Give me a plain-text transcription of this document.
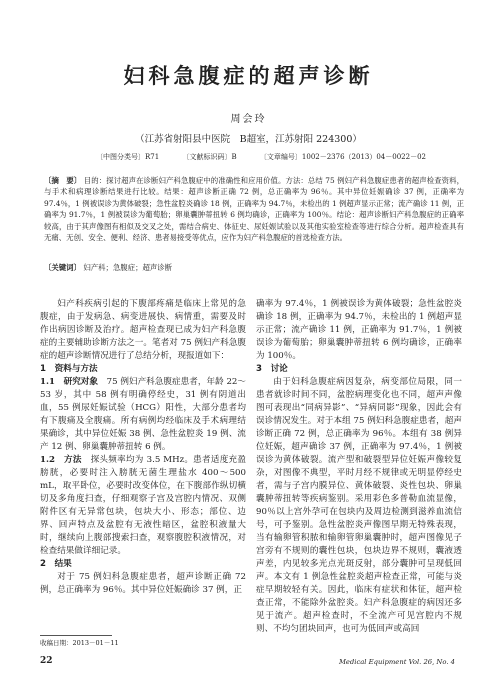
妇科急腹症的超声诊断
周会玲
（江苏省射阳县中医院　B超室，江苏射阳 224300）
〔中图分类号〕R71	〔文献标识码〕B	〔文章编号〕1002－2376（2013）04－0022－02
〔摘　要〕 目的：探讨超声在诊断妇产科急腹症中的准确性和应用价值。方法：总结 75 例妇产科急腹症患者的超声检查资料，与手术和病理诊断结果进行比较。结果：超声诊断正确 72 例，总正确率为 96％。其中异位妊娠确诊 37 例，正确率为 97.4％，1 例被误诊为黄体破裂；急性盆腔炎确诊 18 例，正确率为 94.7％，未检出的 1 例超声显示正常；流产确诊 11 例，正确率为 91.7％，1 例被误诊为葡萄胎；卵巢囊肿蒂扭转 6 例均确诊，正确率为 100％。结论：超声诊断妇产科急腹症的正确率较高，由于其声像图有相似及交叉之处，需结合病史、体征史、尿妊娠试验以及其他实验室检查等进行综合分析。超声检查具有无痛、无创、安全、便利、经济、患者易接受等优点，应作为妇产科急腹症的首选检查方法。
〔关键词〕 妇产科；急腹症；超声诊断

妇产科疾病引起的下腹部疼痛是临床上常见的急腹症，由于发病急、病变进展快、病情重，需要及时作出病因诊断及治疗。超声检查现已成为妇产科急腹症的主要辅助诊断方法之一。笔者对 75 例妇产科急腹症的超声诊断情况进行了总结分析，现报道如下：

1　资料与方法

1.1　研究对象　75 例妇产科急腹症患者，年龄 22～53 岁，其中 58 例有明确停经史，31 例有阴道出血，55 例尿妊娠试验（HCG）阳性，大部分患者均有下腹痛及全腹痛。所有病例均经临床及手术病理结果确诊，其中异位妊娠 38 例、急性盆腔炎 19 例、流产 12 例、卵巢囊肿蒂扭转 6 例。

1.2　方法　探头频率均为 3.5 MHz。患者适度充盈膀胱，必要时注入膀胱无菌生理盐水 400～500 mL，取平卧位，必要时改变体位，在下腹部作纵切横切及多角度扫查，仔细观察子宫及宫腔内情况、双侧附件区有无异常包块，包块大小、形态；部位、边界、回声特点及盆腔有无液性暗区，盆腔积液量大时，继续向上腹部搜索扫查，观察腹腔积液情况，对检查结果做详细记录。

2　结果

对于 75 例妇科急腹症患者，超声诊断正确 72 例，总正确率为 96％。其中异位妊娠确诊 37 例，正

确率为 97.4％，1 例被误诊为黄体破裂；急性盆腔炎确诊 18 例，正确率为 94.7％，未检出的 1 例超声显示正常；流产确诊 11 例，正确率为 91.7％，1 例被误诊为葡萄胎；卵巢囊肿蒂扭转 6 例均确诊，正确率为 100％。

3　讨论

由于妇科急腹症病因复杂，病变部位局限，同一患者就诊时间不同，盆腔病理变化也不同，超声声像图可表现出“同病异影”、“异病同影”现象，因此会有误诊情况发生。对于本组 75 例妇科急腹症患者，超声诊断正确 72 例，总正确率为 96％。本组有 38 例异位妊娠，超声确诊 37 例，正确率为 97.4％，1 例被误诊为黄体破裂。流产型和破裂型异位妊娠声像较复杂，对图像不典型，平时月经不规律或无明显停经史者，需与子宫内膜异位、黄体破裂、炎性包块、卵巢囊肿蒂扭转等疾病鉴别。采用彩色多普勒血流显像，90％以上宫外孕可在包块内及周边检测到滋养血流信号，可予鉴别。急性盆腔炎声像图早期无特殊表现，当有输卵管积脓和输卵管卵巢囊肿时，超声图像见子宫旁有不规则的囊性包块，包块边界不规则，囊液透声差，内见较多光点光斑反射，部分囊肿可呈现低回声。本文有 1 例急性盆腔炎超声检查正常，可能与炎症早期较轻有关。因此，临床有症状和体征，超声检查正常，不能除外盆腔炎。妇产科急腹症的病因还多见于流产。超声检查时，不全流产可见宫腔内不规则、不均匀团块回声，也可为低回声或高回

收稿日期：2013－01－11
22	Medical Equipment Vol. 26, No. 4
